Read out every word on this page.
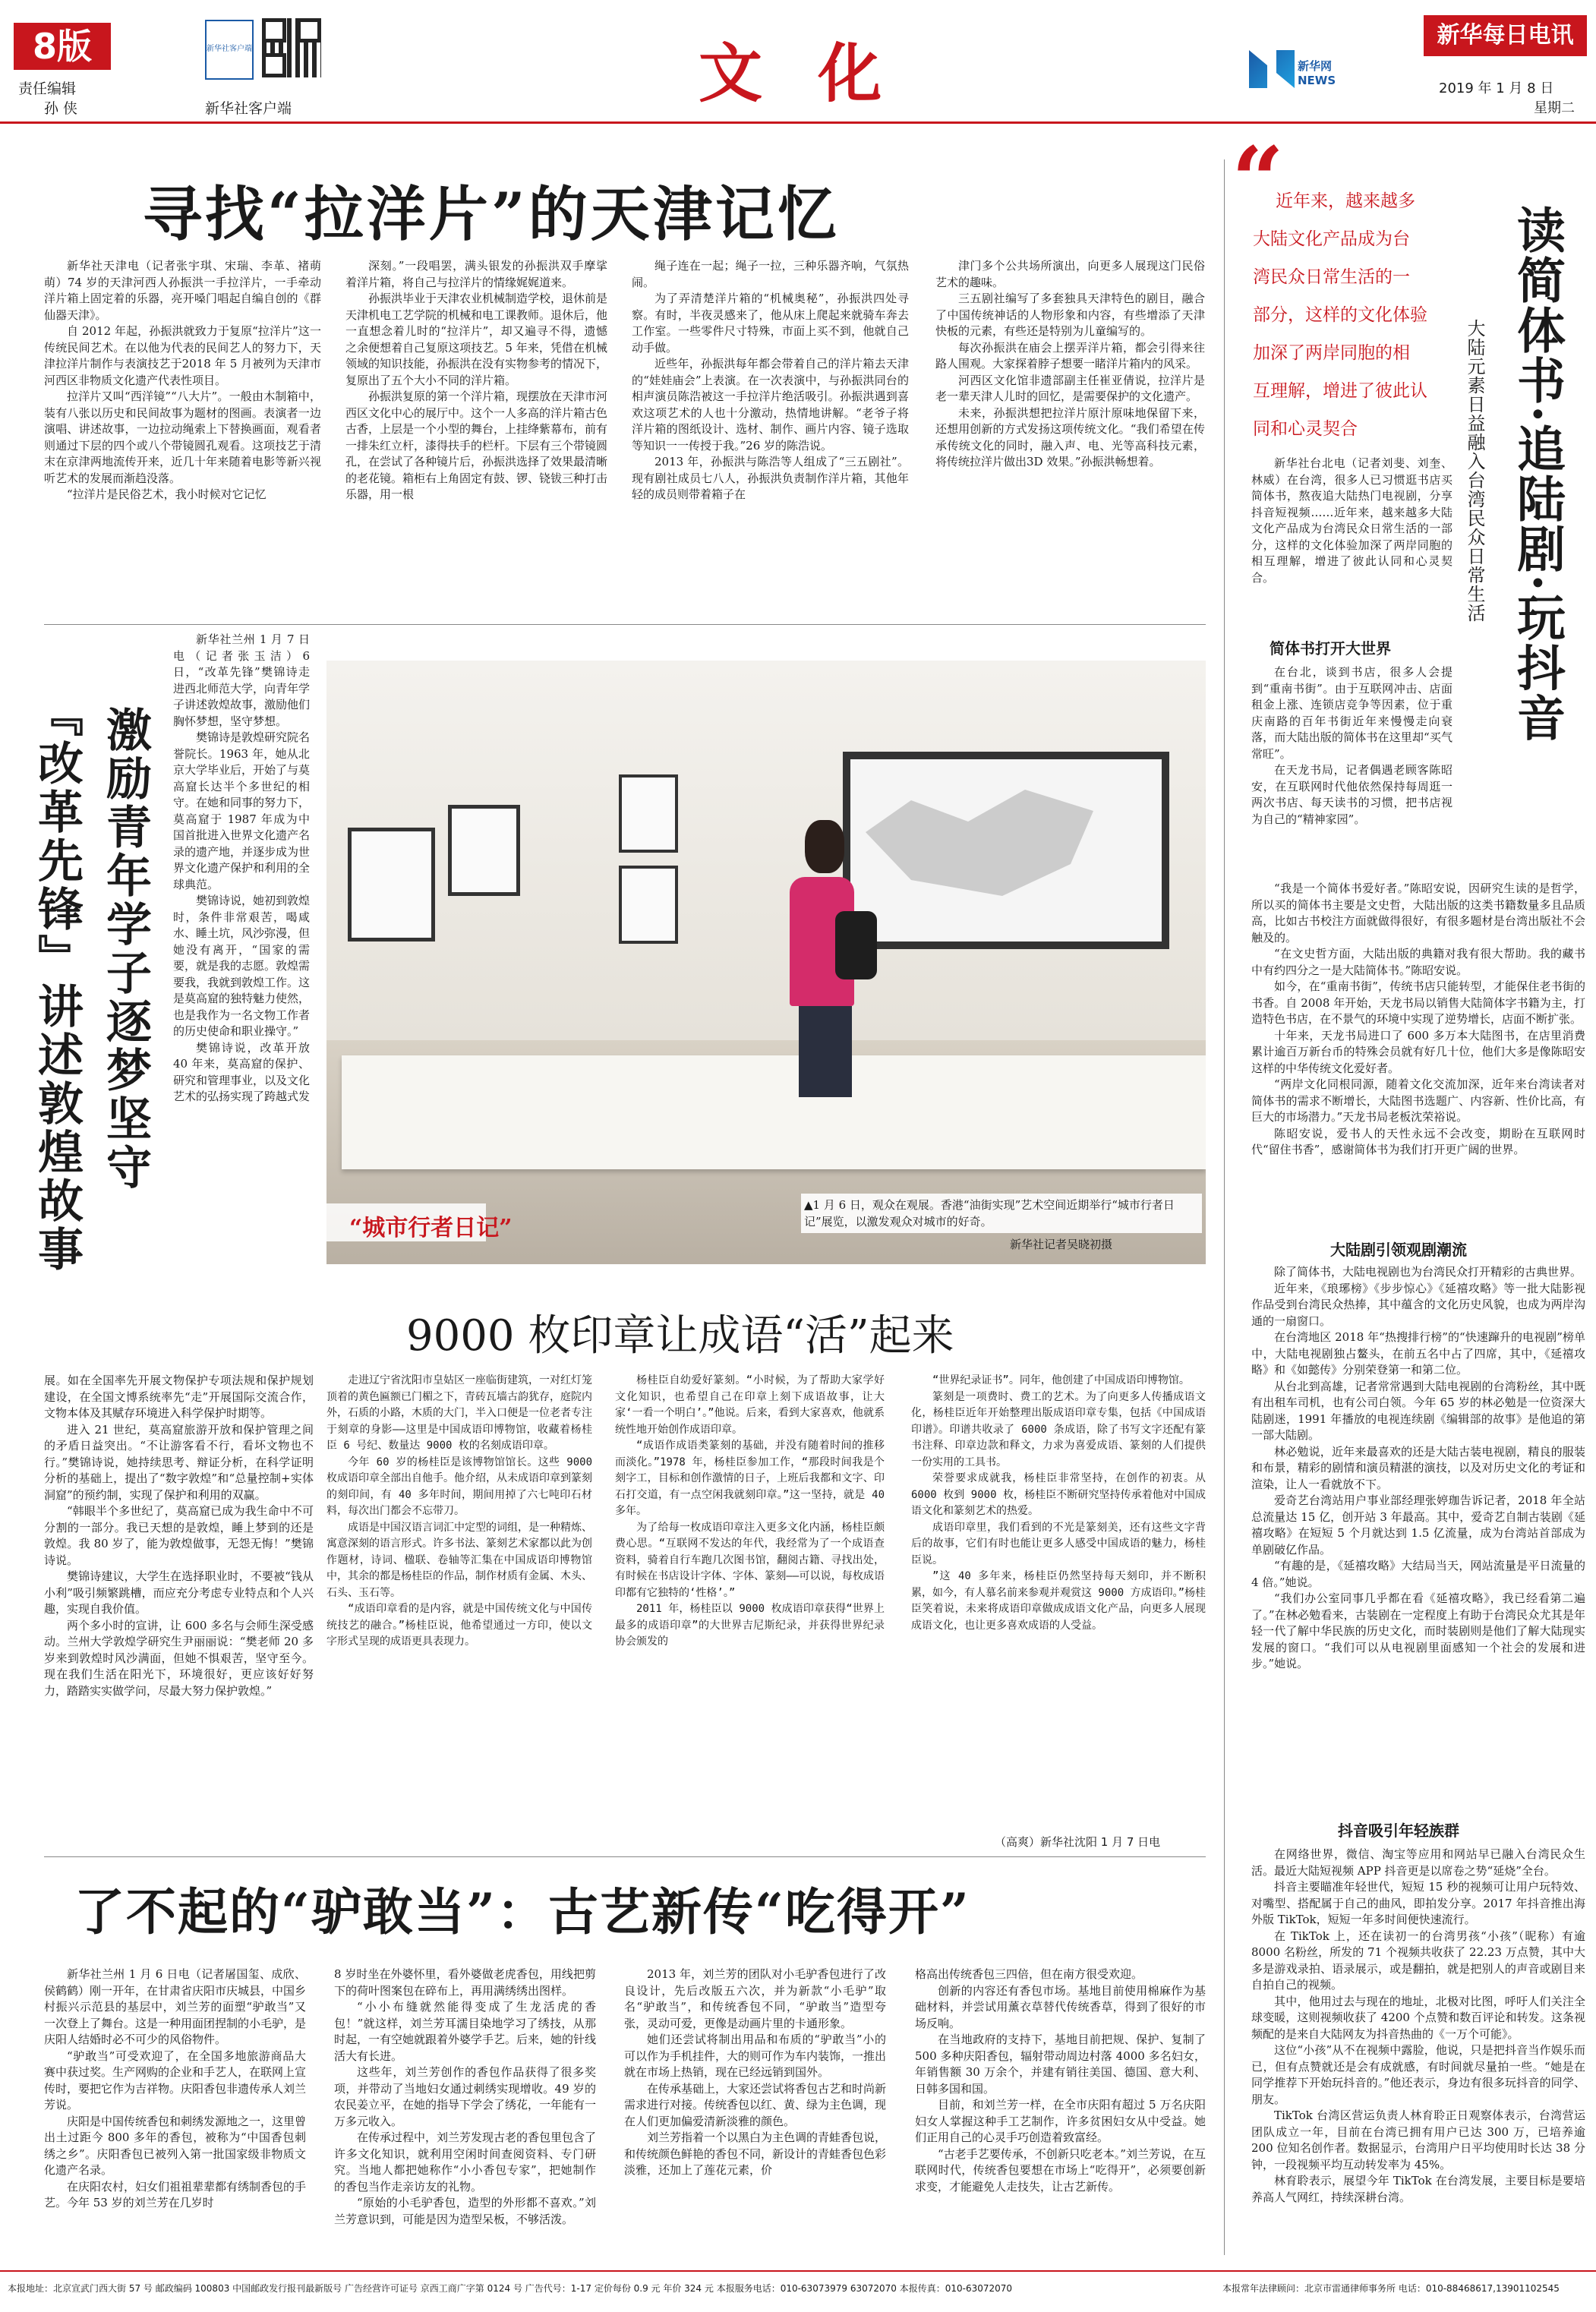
8版
责任编辑
孙 侠
新华社客户端
新华社客户端	文 化	新华网 NEWS
新华每日电讯
2019 年 1 月 8 日
星期二
寻找“拉洋片”的天津记忆

新华社天津电（记者张宇琪、宋瑞、李革、褚萌萌）74 岁的天津河西人孙振洪一手拉洋片，一手牵动洋片箱上固定着的乐器，亮开嗓门唱起自编自创的《群仙器天津》。

自 2012 年起，孙振洪就致力于复原“拉洋片”这一传统民间艺术。在以他为代表的民间艺人的努力下，天津拉洋片制作与表演技艺于2018 年 5 月被列为天津市河西区非物质文化遗产代表性项目。

拉洋片又叫“西洋镜”“八大片”。一般由木制箱中，装有八张以历史和民间故事为题材的图画。表演者一边演唱、讲述故事，一边拉动绳索上下替换画面，观看者则通过下层的四个或八个带镜圆孔观看。这项技艺于清末在京津两地流传开来，近几十年来随着电影等新兴视听艺术的发展而渐趋没落。

“拉洋片是民俗艺术，我小时候对它记忆

深刻。”一段唱罢，满头银发的孙振洪双手摩挲着洋片箱，将自己与拉洋片的情缘娓娓道来。

孙振洪毕业于天津农业机械制造学校，退休前是天津机电工艺学院的机械和电工课教师。退休后，他一直想念着儿时的“拉洋片”，却又遍寻不得，遗憾之余便想着自己复原这项技艺。5 年来，凭借在机械领域的知识技能，孙振洪在没有实物参考的情况下，复原出了五个大小不同的洋片箱。

孙振洪复原的第一个洋片箱，现摆放在天津市河西区文化中心的展厅中。这个一人多高的洋片箱古色古香，上层是一个小型的舞台，上挂绛紫幕布，前有一排朱红立杆，漆得扶手的栏杆。下层有三个带镜圆孔，在尝试了各种镜片后，孙振洪选择了效果最清晰的老花镜。箱柜右上角固定有鼓、锣、铙钹三种打击乐器，用一根

绳子连在一起；绳子一拉，三种乐器齐响，气氛热闹。

为了弄清楚洋片箱的“机械奥秘”，孙振洪四处寻察。有时，半夜灵感来了，他从床上爬起来就骑车奔去工作室。一些零件尺寸特殊，市面上买不到，他就自己动手做。

近些年，孙振洪每年都会带着自己的洋片箱去天津的“娃娃庙会”上表演。在一次表演中，与孙振洪同台的相声演员陈浩被这一手拉洋片绝活吸引。孙振洪遇到喜欢这项艺术的人也十分激动，热情地讲解。“老爷子将洋片箱的图纸设计、选材、制作、画片内容、镜子选取等知识一一传授于我。”26 岁的陈浩说。

2013 年，孙振洪与陈浩等人组成了“三五剧社”。现有剧社成员七八人，孙振洪负责制作洋片箱，其他年轻的成员则带着箱子在

津门多个公共场所演出，向更多人展现这门民俗艺术的趣味。

三五剧社编写了多套独具天津特色的剧目，融合了中国传统神话的人物形象和内容，有些增添了天津快板的元素，有些还是特别为儿童编写的。

每次孙振洪在庙会上摆弄洋片箱，都会引得来往路人围观。大家探着脖子想要一睹洋片箱内的风采。

河西区文化馆非遗部副主任崔亚倩说，拉洋片是老一辈天津人儿时的回忆，是需要保护的文化遗产。

未来，孙振洪想把拉洋片原汁原味地保留下来，还想用创新的方式发扬这项传统文化。“我们希望在传承传统文化的同时，融入声、电、光等高科技元素，将传统拉洋片做出3D 效果。”孙振洪畅想着。

“
近年来，越来越多
大陆文化产品成为台
湾民众日常生活的一
部分，这样的文化体验
加深了两岸同胞的相
互理解，增进了彼此认
同和心灵契合	读简体书·追陆剧·玩抖音
大陆元素日益融入台湾民众日常生活

新华社台北电（记者刘斐、刘奎、林威）在台湾，很多人已习惯逛书店买简体书，熬夜追大陆热门电视剧，分享抖音短视频……近年来，越来越多大陆文化产品成为台湾民众日常生活的一部分，这样的文化体验加深了两岸同胞的相互理解，增进了彼此认同和心灵契合。

简体书打开大世界

在台北，谈到书店，很多人会提到“重南书街”。由于互联网冲击、店面租金上涨、连锁店竞争等因素，位于重庆南路的百年书街近年来慢慢走向衰落，而大陆出版的简体书在这里却“买气常旺”。

在天龙书局，记者偶遇老顾客陈昭安，在互联网时代他依然保持每周逛一两次书店、每天读书的习惯，把书店视为自己的“精神家园”。

“我是一个简体书爱好者。”陈昭安说，因研究生读的是哲学，所以买的简体书主要是文史哲，大陆出版的这类书籍数量多且品质高，比如古书校注方面就做得很好，有很多题材是台湾出版社不会触及的。

“在文史哲方面，大陆出版的典籍对我有很大帮助。我的藏书中有约四分之一是大陆简体书。”陈昭安说。

如今，在“重南书街”，传统书店只能转型，才能保住老书街的书香。自 2008 年开始，天龙书局以销售大陆简体字书籍为主，打造特色书店，在不景气的环境中实现了逆势增长，店面不断扩张。

十年来，天龙书局进口了 600 多万本大陆图书，在店里消费累计逾百万新台币的特殊会员就有好几十位，他们大多是像陈昭安这样的中华传统文化爱好者。

“两岸文化同根同源，随着文化交流加深，近年来台湾读者对简体书的需求不断增长，大陆图书选题广、内容新、性价比高，有巨大的市场潜力。”天龙书局老板沈荣裕说。

陈昭安说，爱书人的天性永远不会改变，期盼在互联网时代“留住书香”，感谢简体书为我们打开更广阔的世界。

大陆剧引领观剧潮流

除了简体书，大陆电视剧也为台湾民众打开精彩的古典世界。

近年来，《琅琊榜》《步步惊心》《延禧攻略》等一批大陆影视作品受到台湾民众热捧，其中蕴含的文化历史风貌，也成为两岸沟通的一扇窗口。

在台湾地区 2018 年“热搜排行榜”的“快速蹿升的电视剧”榜单中，大陆电视剧独占鳌头，在前五名中占了四席，其中，《延禧攻略》和《如懿传》分别荣登第一和第二位。

从台北到高雄，记者常常遇到大陆电视剧的台湾粉丝，其中既有出租车司机，也有公司白领。今年 65 岁的林必勉是一位资深大陆剧迷，1991 年播放的电视连续剧《编辑部的故事》是他追的第一部大陆剧。

林必勉说，近年来最喜欢的还是大陆古装电视剧，精良的服装和布景，精彩的剧情和演员精湛的演技，以及对历史文化的考证和渲染，让人一看就放不下。

爱奇艺台湾站用户事业部经理张婷珈告诉记者，2018 年全站总流量达 15 亿，创开站 3 年最高。其中，爱奇艺自制古装剧《延禧攻略》在短短 5 个月就达到 1.5 亿流量，成为台湾站首部成为单剧破亿作品。

“有趣的是，《延禧攻略》大结局当天，网站流量是平日流量的 4 倍。”她说。

“我们办公室同事几乎都在看《延禧攻略》，我已经看第二遍了。”在林必勉看来，古装剧在一定程度上有助于台湾民众尤其是年轻一代了解中华民族的历史文化，而时装剧则是他们了解大陆现实发展的窗口。“我们可以从电视剧里面感知一个社会的发展和进步。”她说。

抖音吸引年轻族群

在网络世界，微信、淘宝等应用和网站早已融入台湾民众生活。最近大陆短视频 APP 抖音更是以席卷之势“延烧”全台。

抖音主要瞄准年轻世代，短短 15 秒的视频可让用户玩特效、对嘴型、搭配属于自己的曲风，即拍发分享。2017 年抖音推出海外版 TikTok，短短一年多时间便快速流行。

在 TikTok 上，还在读初一的台湾男孩“小孩”（昵称）有逾 8000 名粉丝，所发的 71 个视频共收获了 22.23 万点赞，其中大多是游戏录拍、语录展示，或是翻拍，就是把别人的声音或剧目来自拍自己的视频。

其中，他用过去与现在的地址，北极对比图，呼吁人们关注全球变暖，这则视频收获了 4200 个点赞和数百评论和转发。这条视频配的是来自大陆网友为抖音热曲的《一万个可能》。

这位“小孩”从不在视频中露脸，他说，只是把抖音当作娱乐而已，但有点赞就还是会有成就感，有时间就尽量拍一些。“她是在同学推荐下开始玩抖音的。”他还表示，身边有很多玩抖音的同学、朋友。

TikTok 台湾区营运负责人林育聆正日观察体表示，台湾营运团队成立一年，目前在台湾已拥有用户已达 300 万，已培养逾 200 位知名创作者。数据显示，台湾用户日平均使用时长达 38 分钟，一段视频平均互动转发率为 45%。

林育聆表示，展望今年 TikTok 在台湾发展，主要目标是要培养高人气网红，持续深耕台湾。

激励青年学子逐梦坚守
『改革先锋』讲述敦煌故事

新华社兰州 1 月 7 日电（记者张玉洁）6 日，“改革先锋”樊锦诗走进西北师范大学，向青年学子讲述敦煌故事，激励他们胸怀梦想，坚守梦想。

樊锦诗是敦煌研究院名誉院长。1963 年，她从北京大学毕业后，开始了与莫高窟长达半个多世纪的相守。在她和同事的努力下，莫高窟于 1987 年成为中国首批进入世界文化遗产名录的遗产地，并逐步成为世界文化遗产保护和利用的全球典范。

樊锦诗说，她初到敦煌时，条件非常艰苦，喝咸水、睡土坑，风沙弥漫，但她没有离开，“国家的需要，就是我的志愿。敦煌需要我，我就到敦煌工作。这是莫高窟的独特魅力使然，也是我作为一名文物工作者的历史使命和职业操守。”

樊锦诗说，改革开放 40 年来，莫高窟的保护、研究和管理事业，以及文化艺术的弘扬实现了跨越式发

展。如在全国率先开展文物保护专项法规和保护规划建设，在全国文博系统率先“走”开展国际交流合作，文物本体及其赋存环境进入科学保护时期等。

进入 21 世纪，莫高窟旅游开放和保护管理之间的矛盾日益突出。“不让游客看不行，看坏文物也不行。”樊锦诗说，她持续思考、辩证分析，在科学证明分析的基础上，提出了“数字敦煌”和“总量控制+实体洞窟”的预约制，实现了保护和利用的双赢。

“韩眼半个多世纪了，莫高窟已成为我生命中不可分割的一部分。我已天想的是敦煌，睡上梦到的还是敦煌。我 80 岁了，能为敦煌做事，无怨无悔！”樊锦诗说。

樊锦诗建议，大学生在选择职业时，不要被“钱从小利”吸引频繁跳槽，而应充分考虑专业特点和个人兴趣，实现自我价值。

两个多小时的宣讲，让 600 多名与会师生深受感动。兰州大学敦煌学研究生尹丽丽说：“樊老师 20 多岁来到敦煌时风沙满面，但她不惧艰苦，坚守至今。现在我们生活在阳光下，环境很好，更应该好好努力，踏踏实实做学问，尽最大努力保护敦煌。”

“城市行者日记”
▲1 月 6 日，观众在观展。香港“油街实现”艺术空间近期举行“城市行者日记”展览，以激发观众对城市的好奇。
新华社记者吴晓初摄
9000 枚印章让成语“活”起来

走进辽宁省沈阳市皇姑区一座临街建筑，一对红灯笼顶着的黄色匾额已门楣之下，青砖瓦墙古韵犹存，庭院内外，石质的小路，木质的大门，半入口便是一位老者专注于刻章的身影——这里是中国成语印博物馆，收藏着杨桂臣 6 号纪、数量达 9000 枚的名刻成语印章。

今年 60 岁的杨桂臣是该博物馆馆长。这些 9000 枚成语印章全部出自他手。他介绍，从未成语印章到篆刻的刻印间，有 40 多年时间，期间用掉了六七吨印石材料，每次出门都会不忘带刀。

成语是中国汉语言词汇中定型的词组，是一种精炼、寓意深刻的语言形式。许多书法、篆刻艺术家都以此为创作题材，诗词、楹联、卷轴等汇集在中国成语印博物馆中，其余的都是杨桂臣的作品，制作材质有金属、木头、石头、玉石等。

“成语印章看的是内容，就是中国传统文化与中国传统技艺的融合。”杨桂臣说，他希望通过一方印，使以文字形式呈现的成语更具表现力。

杨桂臣自幼爱好篆刻。“小时候，为了帮助大家学好文化知识，也希望自己在印章上刻下成语故事，让大家‘一看一个明白’。”他说。后来，看到大家喜欢，他就系统性地开始创作成语印章。

“成语作成语类篆刻的基础，并没有随着时间的推移而淡化。”1978 年，杨桂臣参加工作，“那段时间我是个刻字工，目标和创作激情的日子，上班后我都和文字、印石打交道，有一点空闲我就刻印章。”这一坚持，就是 40 多年。

为了给每一枚成语印章注入更多文化内涵，杨桂臣颇费心思。“互联网不发达的年代，我经常为了一个成语查资料，骑着自行车跑几次图书馆，翻阅古籍、寻找出处，有时候在书店设计字体、字体、篆刻——可以说，每枚成语印都有它独特的‘性格’。”

2011 年，杨桂臣以 9000 枚成语印章获得“世界上最多的成语印章”的大世界吉尼斯纪录，并获得世界纪录协会颁发的

“世界纪录证书”。同年，他创建了中国成语印博物馆。

篆刻是一项费时、费工的艺术。为了向更多人传播成语文化，杨桂臣近年开始整理出版成语印章专集，包括《中国成语印谱》。印谱共收录了 6000 条成语，除了书写文字还配有篆书注释、印章边款和释文，力求为喜爱成语、篆刻的人们提供一份实用的工具书。

荣誉要求成就我，杨桂臣非常坚持，在创作的初衷。从 6000 枚到 9000 枚，杨桂臣不断研究坚持传承着他对中国成语文化和篆刻艺术的热爱。

成语印章里，我们看到的不光是篆刻美，还有这些文字背后的故事，它们有时也能让更多人感受中国成语的魅力，杨桂臣说。

”这 40 多年来，杨桂臣仍然坚持每天刻印，并不断积累，如今，有人慕名前来参观并观赏这 9000 方成语印。”杨桂臣笑着说，未来将成语印章做成成语文化产品，向更多人展现成语文化，也让更多喜欢成语的人受益。

（高爽）新华社沈阳 1 月 7 日电
了不起的“驴敢当”：古艺新传“吃得开”

新华社兰州 1 月 6 日电（记者屠国玺、成欣、侯鹤鹤）刚一开年，在甘肃省庆阳市庆城县，中国乡村振兴示范县的基层中，刘兰芳的面塑“驴敢当”又一次登上了舞台。这是一种用面团捏制的小毛驴，是庆阳人结婚时必不可少的风俗物件。

“驴敢当”可受欢迎了，在全国多地旅游商品大赛中获过奖。生产网购的企业和手艺人，在联网上宣传时，要把它作为吉祥物。庆阳香包非遗传承人刘兰芳说。

庆阳是中国传统香包和刺绣发源地之一，这里曾出土过距今 800 多年的香包，被称为“中国香包刺绣之乡”。庆阳香包已被列入第一批国家级非物质文化遗产名录。

在庆阳农村，妇女们祖祖辈辈都有绣制香包的手艺。今年 53 岁的刘兰芳在几岁时

8 岁时坐在外婆怀里，看外婆做老虎香包，用线把剪下的荷叶图案包在碎布上，再用满绣绣出图样。

“小小布缝就然能得变成了生龙活虎的香包！”就这样，刘兰芳耳濡目染地学习了绣技，从那时起，一有空她就跟着外婆学手艺。后来，她的针线活大有长进。

这些年，刘兰芳创作的香包作品获得了很多奖项，并带动了当地妇女通过刺绣实现增收。49 岁的农民姜立平，在她的指导下学会了绣花，一年能有一万多元收入。

在传承过程中，刘兰芳发现古老的香包里包含了许多文化知识，就利用空闲时间查阅资料、专门研究。当地人都把她称作“小小香包专家”，把她制作的香包当作走亲访友的礼物。

“原始的小毛驴香包，造型的外形都不喜欢。”刘兰芳意识到，可能是因为造型呆板，不够活泼。

2013 年，刘兰芳的团队对小毛驴香包进行了改良设计，先后改版五六次，并为新款“小毛驴”取名“驴敢当”，和传统香包不同，“驴敢当”造型夸张，灵动可爱，更像是动画片里的卡通形象。

她们还尝试将制出用品和布质的“驴敢当”小的可以作为手机挂件，大的则可作为车内装饰，一推出就在市场上热销，现在已经远销到国外。

在传承基础上，大家还尝试将香包古艺和时尚新需求进行对接。传统香包以红、黄、绿为主色调，现在人们更加偏爱清新淡雅的颜色。

刘兰芳指着一个以黑白为主色调的青蛙香包说，和传统颜色鲜艳的香包不同，新设计的青蛙香包色彩淡雅，还加上了莲花元素，价

格高出传统香包三四倍，但在南方很受欢迎。

创新的内容还有香包市场。基地目前使用棉麻作为基础材料，并尝试用薰衣草替代传统香草，得到了很好的市场反响。

在当地政府的支持下，基地目前把规、保护、复制了 500 多种庆阳香包，辐射带动周边村落 4000 多名妇女，年销售额 30 万余个，并建有销往美国、德国、意大利、日韩多国和国。

目前，和刘兰芳一样，在全市庆阳有超过 5 万名庆阳妇女人掌握这种手工艺制作，许多贫困妇女从中受益。她们正用自己的心灵手巧创造着致富经。

“古老手艺要传承，不创新只吃老本。”刘兰芳说，在互联网时代，传统香包要想在市场上“吃得开”，必须要创新求变，才能避免人走技失，让古艺新传。

本报地址：北京宣武门西大街 57 号 邮政编码 100803 中国邮政发行报刊最新版号 广告经营许可证号 京西工商广字第 0124 号 广告代号：1-17 定价每份 0.9 元 年价 324 元 本报服务电话：010-63073979 63072070 本报传真：010-63072070	本报常年法律顾问：北京市雷通律师事务所 电话：010-88468617,13901102545
